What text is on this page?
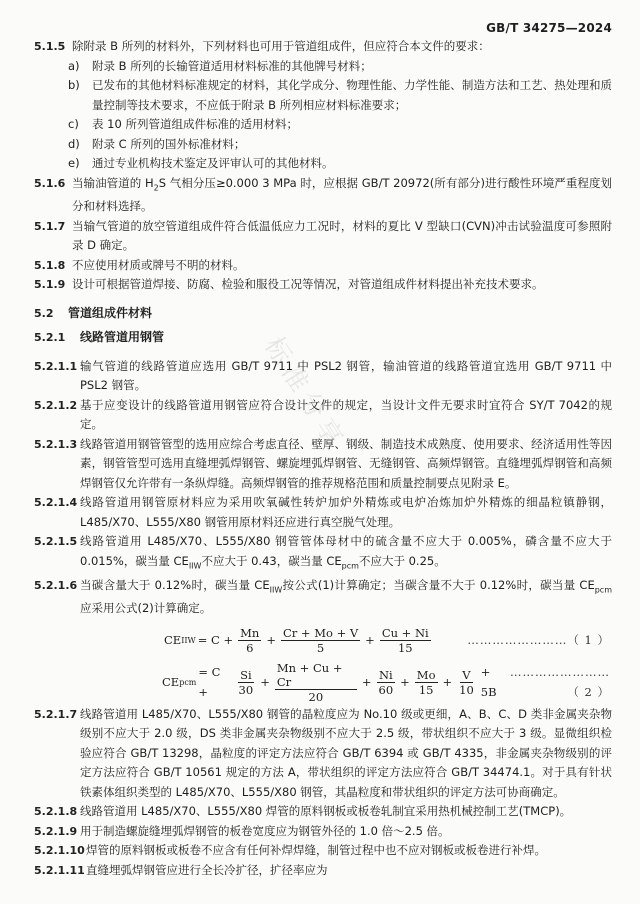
GB/T 34275—2024
标准分享
5.1.5 除附录 B 所列的材料外，下列材料也可用于管道组成件，但应符合本文件的要求：
a)	附录 B 所列的长输管道适用材料标准的其他牌号材料；
b)	已发布的其他材料标准规定的材料，其化学成分、物理性能、力学性能、制造方法和工艺、热处理和质量控制等技术要求，不应低于附录 B 所列相应材料标准要求；
c)	表 10 所列管道组成件标准的适用材料；
d)	附录 C 所列的国外标准材料；
e)	通过专业机构技术鉴定及评审认可的其他材料。
5.1.6 当输油管道的 $H_2S$ 气相分压≥0.000 3 MPa 时，应根据 GB/T 20972(所有部分)进行酸性环境严重程度划分和材料选择。
5.1.7 当输气管道的放空管道组成件符合低温低应力工况时，材料的夏比 V 型缺口(CVN)冲击试验温度可参照附录 D 确定。
5.1.8 不应使用材质或牌号不明的材料。
5.1.9 设计可根据管道焊接、防腐、检验和服役工况等情况，对管道组成件材料提出补充技术要求。
5.2	管道组成件材料
5.2.1	线路管道用钢管
5.2.1.1 输气管道的线路管道应选用 GB/T 9711 中 PSL2 钢管，输油管道的线路管道宜选用 GB/T 9711 中 PSL2 钢管。
5.2.1.2 基于应变设计的线路管道用钢管应符合设计文件的规定，当设计文件无要求时宜符合 SY/T 7042的规定。
5.2.1.3 线路管道用钢管管型的选用应综合考虑直径、壁厚、钢级、制造技术成熟度、使用要求、经济适用性等因素，钢管管型可选用直缝埋弧焊钢管、螺旋埋弧焊钢管、无缝钢管、高频焊钢管。直缝埋弧焊钢管和高频焊钢管仅允许带有一条纵焊缝。高频焊钢管的推荐规格范围和质量控制要点见附录 E。
5.2.1.4 线路管道用钢管原材料应为采用吹氧碱性转炉加炉外精炼或电炉冶炼加炉外精炼的细晶粒镇静钢，L485/X70、L555/X80 钢管用原材料还应进行真空脱气处理。
5.2.1.5 线路管道用 L485/X70、L555/X80 钢管管体母材中的硫含量不应大于 0.005%，磷含量不应大于 0.015%，碳当量 $CE_{IIW}$不应大于 0.43，碳当量 $CE_{pcm}$不应大于 0.25。
5.2.1.6 当碳含量大于 0.12%时，碳当量 $CE_{IIW}$按公式(1)计算确定；当碳含量不大于 0.12%时，碳当量 $CE_{pcm}$应采用公式(2)计算确定。
CE IIW = $C + \frac{Mn}{6} + \frac{Cr + Mo + V}{5} + \frac{Cu + Ni}{15}$	……………………（ 1 ）
CE pcm
= C +	$\frac{Si}{30} + \frac{Mn + Cu + Cr}{20} + \frac{Ni}{60} + \frac{Mo}{15} + \frac{V}{10} + 5B$
……………………（ 2 ）
5.2.1.7 线路管道用 L485/X70、L555/X80 钢管的晶粒度应为 No.10 级或更细，A、B、C、D 类非金属夹杂物级别不应大于 2.0 级，DS 类非金属夹杂物级别不应大于 2.5 级，带状组织不应大于 3 级。显微组织检验应符合 GB/T 13298，晶粒度的评定方法应符合 GB/T 6394 或 GB/T 4335，非金属夹杂物级别的评定方法应符合 GB/T 10561 规定的方法 A，带状组织的评定方法应符合 GB/T 34474.1。对于具有针状铁素体组织类型的 L485/X70、L555/X80 钢管，其晶粒度和带状组织的评定方法可协商确定。
5.2.1.8 线路管道用 L485/X70、L555/X80 焊管的原料钢板或板卷轧制宜采用热机械控制工艺(TMCP)。
5.2.1.9 用于制造螺旋缝埋弧焊钢管的板卷宽度应为钢管外径的 1.0 倍～2.5 倍。
5.2.1.10 焊管的原料钢板或板卷不应含有任何补焊焊缝，制管过程中也不应对钢板或板卷进行补焊。
5.2.1.11 直缝埋弧焊钢管应进行全长冷扩径，扩径率应为
